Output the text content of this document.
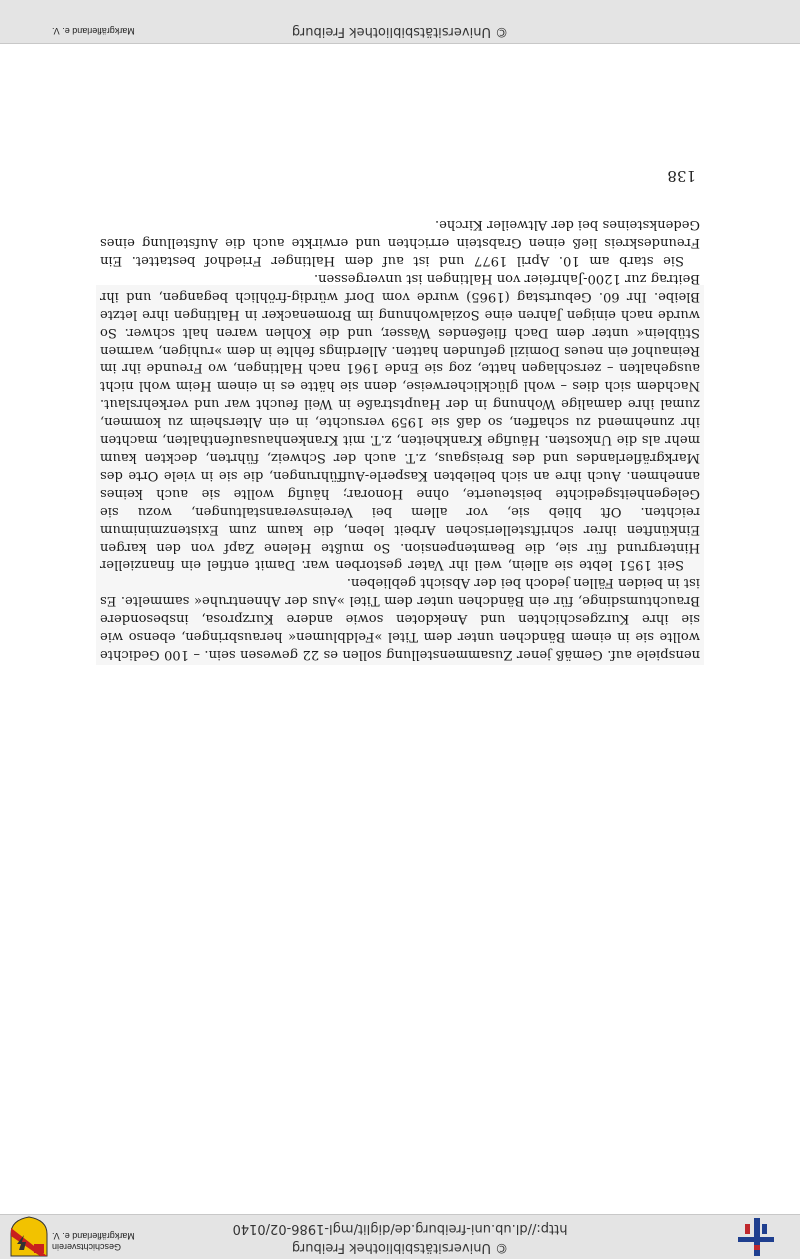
© Universitätsbibliothek Freiburg
http://dl.ub.uni-freiburg.de/diglit/mgl-1986-02/0140
Geschichtsverein
Markgräflerland e. V.

nenspiele auf. Gemäß jener Zusammenstellung sollen es 22 gewesen sein. – 100 Gedichte wollte sie in einem Bändchen unter dem Titel »Feldblumen« herausbringen, ebenso wie sie ihre Kurzgeschichten und Anekdoten sowie andere Kurzprosa, insbesondere Brauchtumsdinge, für ein Bändchen unter dem Titel »Aus der Ahnentruhe« sammelte. Es ist in beiden Fällen jedoch bei der Absicht geblieben.

Seit 1951 lebte sie allein, weil ihr Vater gestorben war. Damit entfiel ein finanzieller Hintergrund für sie, die Beamtenpension. So mußte Helene Zapf von den kargen Einkünften ihrer schriftstellerischen Arbeit leben, die kaum zum Existenzminimum reichten. Oft blieb sie, vor allem bei Vereinsveranstaltungen, wozu sie Gelegenheitsgedichte beisteuerte, ohne Honorar; häufig wollte sie auch keines annehmen. Auch ihre an sich beliebten Kasperle-Aufführungen, die sie in viele Orte des Markgräflerlandes und des Breisgaus, z.T. auch der Schweiz, führten, deckten kaum mehr als die Unkosten. Häufige Krankheiten, z.T. mit Krankenhausaufenthalten, machten ihr zunehmend zu schaffen, so daß sie 1959 versuchte, in ein Altersheim zu kommen, zumal ihre damalige Wohnung in der Hauptstraße in Weil feucht war und verkehrslaut. Nachdem sich dies – wohl glücklicherweise, denn sie hätte es in einem Heim wohl nicht ausgehalten – zerschlagen hatte, zog sie Ende 1961 nach Haltingen, wo Freunde ihr im Reinauhof ein neues Domizil gefunden hatten. Allerdings fehlte in dem »ruhigen, warmen Stüblein« unter dem Dach fließendes Wasser, und die Kohlen waren halt schwer. So wurde nach einigen Jahren eine Sozialwohnung im Bromenacker in Haltingen ihre letzte Bleibe. Ihr 60. Geburtstag (1965) wurde vom Dorf würdig-fröhlich begangen, und ihr Beitrag zur 1200-Jahrfeier von Haltingen ist unvergessen.

Sie starb am 10. April 1977 und ist auf dem Haltinger Friedhof bestattet. Ein Freundeskreis ließ einen Grabstein errichten und erwirkte auch die Aufstellung eines Gedenksteines bei der Altweiler Kirche.

138
© Universitätsbibliothek Freiburg
Markgräflerland e. V.
